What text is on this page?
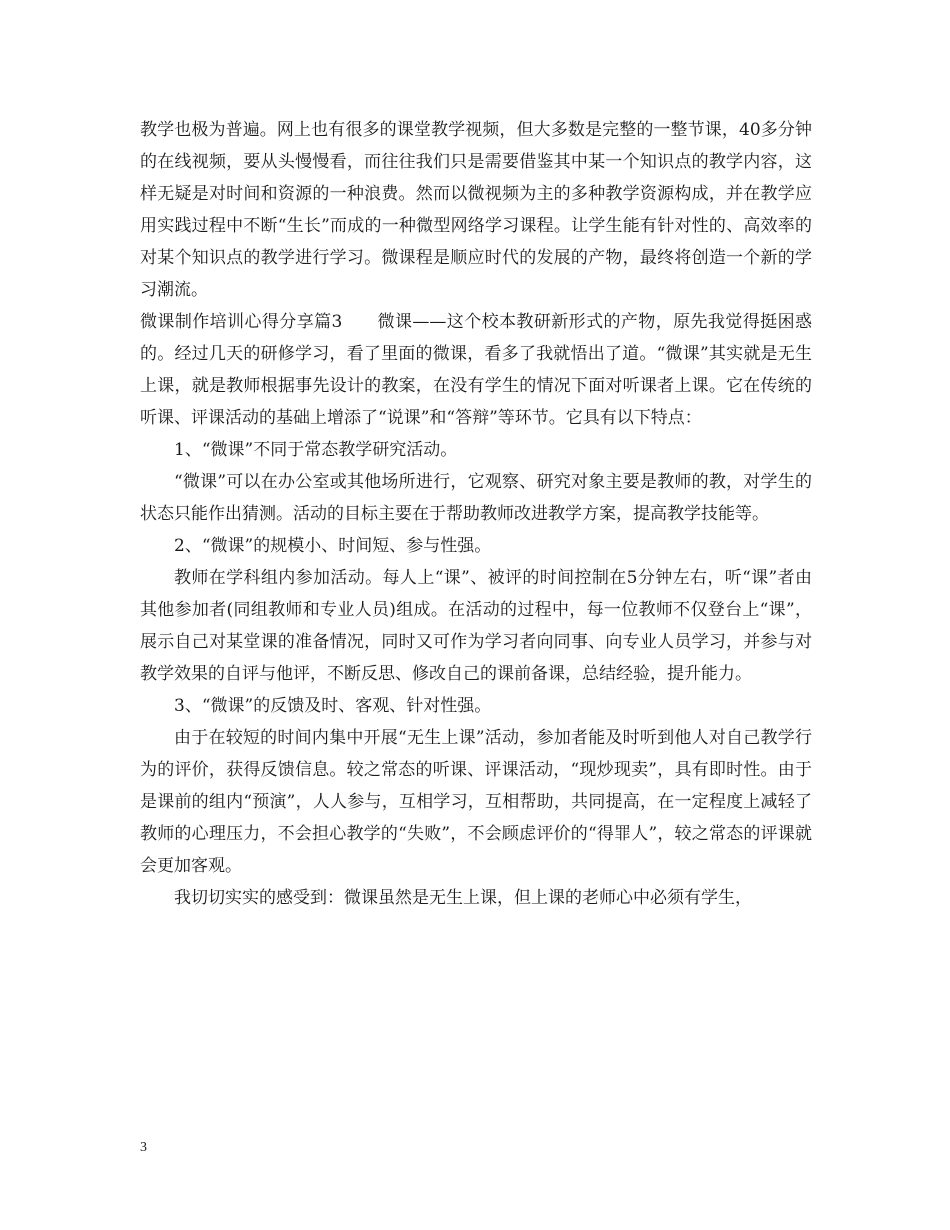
教学也极为普遍。网上也有很多的课堂教学视频，但大多数是完整的一整节课，40多分钟的在线视频，要从头慢慢看，而往往我们只是需要借鉴其中某一个知识点的教学内容，这样无疑是对时间和资源的一种浪费。然而以微视频为主的多种教学资源构成，并在教学应用实践过程中不断“生长”而成的一种微型网络学习课程。让学生能有针对性的、高效率的对某个知识点的教学进行学习。微课程是顺应时代的发展的产物，最终将创造一个新的学习潮流。

微课制作培训心得分享篇3　　微课——这个校本教研新形式的产物，原先我觉得挺困惑的。经过几天的研修学习，看了里面的微课，看多了我就悟出了道。“微课”其实就是无生上课，就是教师根据事先设计的教案，在没有学生的情况下面对听课者上课。它在传统的听课、评课活动的基础上增添了“说课”和“答辩”等环节。它具有以下特点：

1、“微课”不同于常态教学研究活动。

“微课”可以在办公室或其他场所进行，它观察、研究对象主要是教师的教，对学生的状态只能作出猜测。活动的目标主要在于帮助教师改进教学方案，提高教学技能等。

2、“微课”的规模小、时间短、参与性强。

教师在学科组内参加活动。每人上“课”、被评的时间控制在5分钟左右，听“课”者由其他参加者(同组教师和专业人员)组成。在活动的过程中，每一位教师不仅登台上“课”，展示自己对某堂课的准备情况，同时又可作为学习者向同事、向专业人员学习，并参与对教学效果的自评与他评，不断反思、修改自己的课前备课，总结经验，提升能力。

3、“微课”的反馈及时、客观、针对性强。

由于在较短的时间内集中开展“无生上课”活动，参加者能及时听到他人对自己教学行为的评价，获得反馈信息。较之常态的听课、评课活动，“现炒现卖”，具有即时性。由于是课前的组内“预演”，人人参与，互相学习，互相帮助，共同提高，在一定程度上减轻了教师的心理压力，不会担心教学的“失败”，不会顾虑评价的“得罪人”，较之常态的评课就会更加客观。

我切切实实的感受到：微课虽然是无生上课，但上课的老师心中必须有学生，

3
